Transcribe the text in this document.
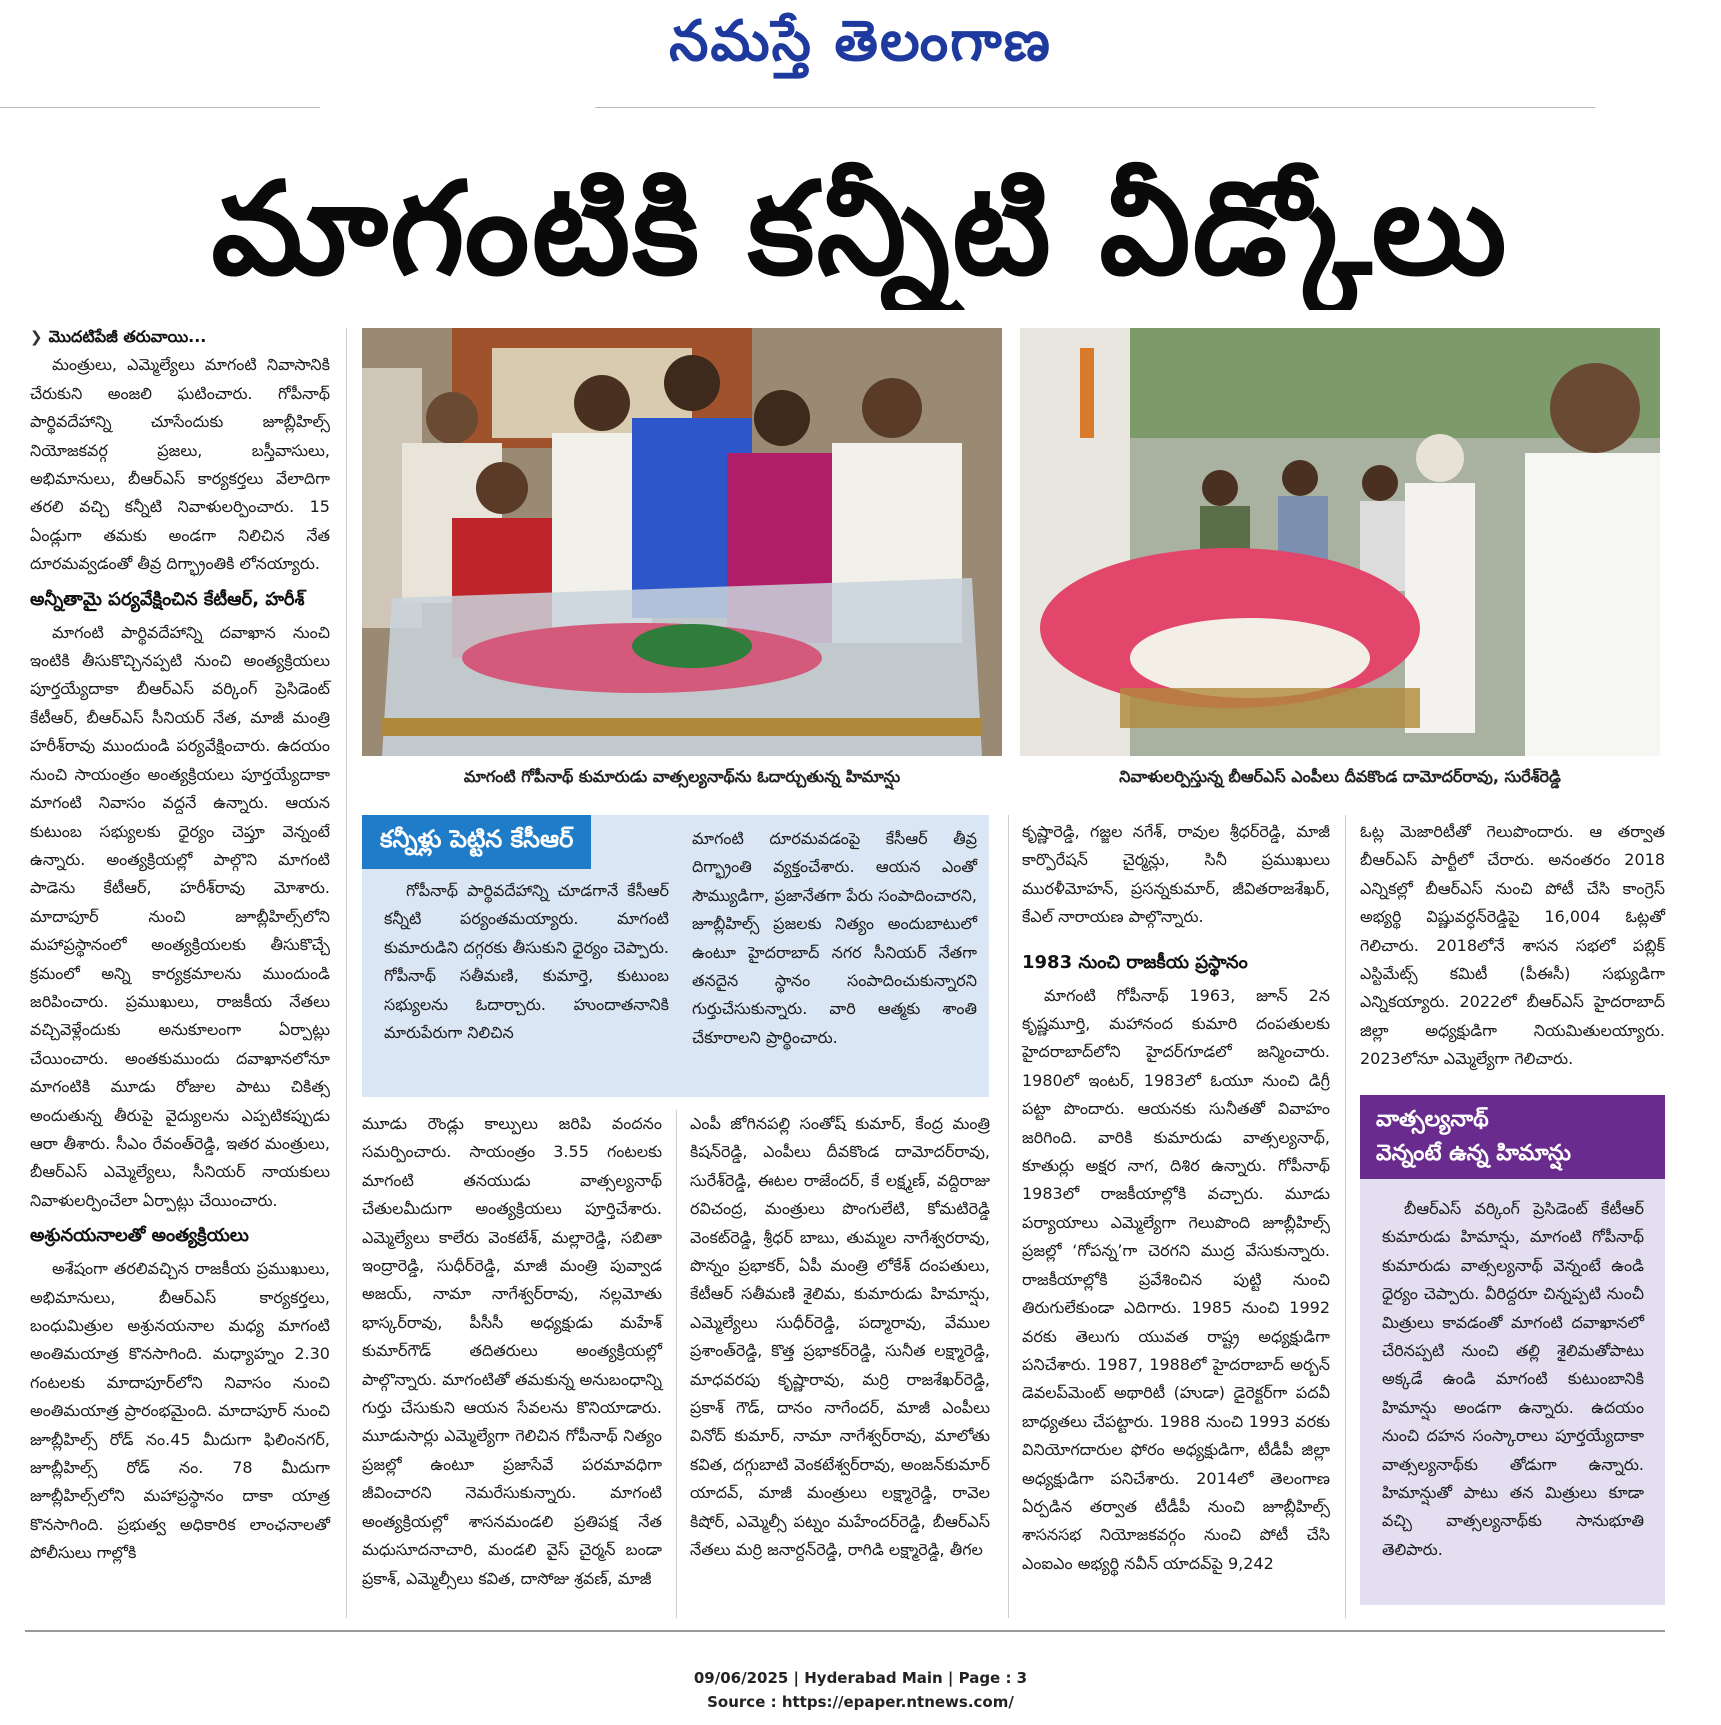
నమస్తే తెలంగాణ
మాగంటికి కన్నీటి వీడ్కోలు
❯ మొదటిపేజీ తరువాయి...

మంత్రులు, ఎమ్మెల్యేలు మాగంటి నివాసానికి చేరుకుని అంజలి ఘటించారు. గోపీనాథ్ పార్థివదేహాన్ని చూసేందుకు జూబ్లీహిల్స్ నియోజకవర్గ ప్రజలు, బస్తీవాసులు, అభిమానులు, బీఆర్ఎస్ కార్యకర్తలు వేలాదిగా తరలి వచ్చి కన్నీటి నివాళులర్పించారు. 15 ఏండ్లుగా తమకు అండగా నిలిచిన నేత దూరమవ్వడంతో తీవ్ర దిగ్భ్రాంతికి లోనయ్యారు.

అన్నీతామై పర్యవేక్షించిన కేటీఆర్, హరీశ్

మాగంటి పార్థివదేహాన్ని దవాఖాన నుంచి ఇంటికి తీసుకొచ్చినప్పటి నుంచి అంత్యక్రియలు పూర్తయ్యేదాకా బీఆర్ఎస్ వర్కింగ్ ప్రెసిడెంట్ కేటీఆర్, బీఆర్ఎస్ సీనియర్ నేత, మాజీ మంత్రి హరీశ్‌రావు ముందుండి పర్యవేక్షించారు. ఉదయం నుంచి సాయంత్రం అంత్యక్రియలు పూర్తయ్యేదాకా మాగంటి నివాసం వద్దనే ఉన్నారు. ఆయన కుటుంబ సభ్యులకు ధైర్యం చెప్తూ వెన్నంటే ఉన్నారు. అంత్యక్రియల్లో పాల్గొని మాగంటి పాడెను కేటీఆర్, హరీశ్‌రావు మోశారు. మాదాపూర్ నుంచి జూబ్లీహిల్స్‌లోని మహాప్రస్థానంలో అంత్యక్రియలకు తీసుకొచ్చే క్రమంలో అన్ని కార్యక్రమాలను ముందుండి జరిపించారు. ప్రముఖులు, రాజకీయ నేతలు వచ్చివెళ్లేందుకు అనుకూలంగా ఏర్పాట్లు చేయించారు. అంతకుముందు దవాఖానలోనూ మాగంటికి మూడు రోజుల పాటు చికిత్స అందుతున్న తీరుపై వైద్యులను ఎప్పటికప్పుడు ఆరా తీశారు. సీఎం రేవంత్‌రెడ్డి, ఇతర మంత్రులు, బీఆర్ఎస్ ఎమ్మెల్యేలు, సీనియర్ నాయకులు నివాళులర్పించేలా ఏర్పాట్లు చేయించారు.

అశ్రునయనాలతో అంత్యక్రియలు

అశేషంగా తరలివచ్చిన రాజకీయ ప్రముఖులు, అభిమానులు, బీఆర్ఎస్ కార్యకర్తలు, బంధుమిత్రుల అశ్రునయనాల మధ్య మాగంటి అంతిమయాత్ర కొనసాగింది. మధ్యాహ్నం 2.30 గంటలకు మాదాపూర్‌లోని నివాసం నుంచి అంతిమయాత్ర ప్రారంభమైంది. మాదాపూర్ నుంచి జూబ్లీహిల్స్ రోడ్ నం.45 మీదుగా ఫిలింనగర్, జూబ్లీహిల్స్ రోడ్ నం. 78 మీదుగా జూబ్లీహిల్స్‌లోని మహాప్రస్థానం దాకా యాత్ర కొనసాగింది. ప్రభుత్వ అధికారిక లాంఛనాలతో పోలీసులు గాల్లోకి

మాగంటి గోపీనాథ్ కుమారుడు వాత్సల్యనాథ్‌ను ఓదార్చుతున్న హిమాన్షు	నివాళులర్పిస్తున్న బీఆర్ఎస్ ఎంపీలు దీవకొండ దామోదర్‌రావు, సురేశ్‌రెడ్డి
కన్నీళ్లు పెట్టిన కేసీఆర్

గోపీనాథ్ పార్థివదేహాన్ని చూడగానే కేసీఆర్ కన్నీటి పర్యంతమయ్యారు. మాగంటి కుమారుడిని దగ్గరకు తీసుకుని ధైర్యం చెప్పారు. గోపీనాథ్ సతీమణి, కుమార్తె, కుటుంబ సభ్యులను ఓదార్చారు. హుందాతనానికి మారుపేరుగా నిలిచిన

మాగంటి దూరమవడంపై కేసీఆర్ తీవ్ర దిగ్భ్రాంతి వ్యక్తంచేశారు. ఆయన ఎంతో సౌమ్యుడిగా, ప్రజానేతగా పేరు సంపాదించారని, జూబ్లీహిల్స్ ప్రజలకు నిత్యం అందుబాటులో ఉంటూ హైదరాబాద్ నగర సీనియర్ నేతగా తనదైన స్థానం సంపాదించుకున్నారని గుర్తుచేసుకున్నారు. వారి ఆత్మకు శాంతి చేకూరాలని ప్రార్థించారు.

మూడు రౌండ్లు కాల్పులు జరిపి వందనం సమర్పించారు. సాయంత్రం 3.55 గంటలకు మాగంటి తనయుడు వాత్సల్యనాథ్ చేతులమీదుగా అంత్యక్రియలు పూర్తిచేశారు. ఎమ్మెల్యేలు కాలేరు వెంకటేశ్, మల్లారెడ్డి, సబితా ఇంద్రారెడ్డి, సుధీర్‌రెడ్డి, మాజీ మంత్రి పువ్వాడ అజయ్, నామా నాగేశ్వర్‌రావు, నల్లమోతు భాస్కర్‌రావు, పీసీసీ అధ్యక్షుడు మహేశ్ కుమార్‌గౌడ్ తదితరులు అంత్యక్రియల్లో పాల్గొన్నారు. మాగంటితో తమకున్న అనుబంధాన్ని గుర్తు చేసుకుని ఆయన సేవలను కొనియాడారు. మూడుసార్లు ఎమ్మెల్యేగా గెలిచిన గోపీనాథ్ నిత్యం ప్రజల్లో ఉంటూ ప్రజాసేవే పరమావధిగా జీవించారని నెమరేసుకున్నారు. మాగంటి అంత్యక్రియల్లో శాసనమండలి ప్రతిపక్ష నేత మధుసూదనాచారి, మండలి వైస్ చైర్మన్ బండా ప్రకాశ్, ఎమ్మెల్సీలు కవిత, దాసోజు శ్రవణ్, మాజీ

ఎంపీ జోగినపల్లి సంతోష్ కుమార్, కేంద్ర మంత్రి కిషన్‌రెడ్డి, ఎంపీలు దీవకొండ దామోదర్‌రావు, సురేశ్‌రెడ్డి, ఈటల రాజేందర్, కే లక్ష్మణ్, వద్దిరాజు రవిచంద్ర, మంత్రులు పొంగులేటి, కోమటిరెడ్డి వెంకట్‌రెడ్డి, శ్రీధర్ బాబు, తుమ్మల నాగేశ్వరరావు, పొన్నం ప్రభాకర్, ఏపీ మంత్రి లోకేశ్ దంపతులు, కేటీఆర్ సతీమణి శైలిమ, కుమారుడు హిమాన్షు, ఎమ్మెల్యేలు సుధీర్‌రెడ్డి, పద్మారావు, వేముల ప్రశాంత్‌రెడ్డి, కొత్త ప్రభాకర్‌రెడ్డి, సునీత లక్ష్మారెడ్డి, మాధవరపు కృష్ణారావు, మర్రి రాజశేఖర్‌రెడ్డి, ప్రకాశ్ గౌడ్, దానం నాగేందర్, మాజీ ఎంపీలు వినోద్ కుమార్, నామా నాగేశ్వర్‌రావు, మాలోతు కవిత, దగ్గుబాటి వెంకటేశ్వర్‌రావు, అంజన్‌కుమార్ యాదవ్, మాజీ మంత్రులు లక్ష్మారెడ్డి, రావెల కిషోర్, ఎమ్మెల్సీ పట్నం మహేందర్‌రెడ్డి, బీఆర్ఎస్ నేతలు మర్రి జనార్దన్‌రెడ్డి, రాగిడి లక్ష్మారెడ్డి, తీగల

కృష్ణారెడ్డి, గజ్జల నగేశ్, రావుల శ్రీధర్‌రెడ్డి, మాజీ కార్పొరేషన్ చైర్మన్లు, సినీ ప్రముఖులు మురళీమోహన్, ప్రసన్నకుమార్, జీవితరాజశేఖర్, కేఎల్ నారాయణ పాల్గొన్నారు.

1983 నుంచి రాజకీయ ప్రస్థానం

మాగంటి గోపీనాథ్ 1963, జూన్ 2న కృష్ణమూర్తి, మహానంద కుమారి దంపతులకు హైదరాబాద్‌లోని హైదర్‌గూడలో జన్మించారు. 1980లో ఇంటర్, 1983లో ఓయూ నుంచి డిగ్రీ పట్టా పొందారు. ఆయనకు సునీతతో వివాహం జరిగింది. వారికి కుమారుడు వాత్సల్యనాథ్, కూతుర్లు అక్షర నాగ, దిశిర ఉన్నారు. గోపీనాథ్ 1983లో రాజకీయాల్లోకి వచ్చారు. మూడు పర్యాయాలు ఎమ్మెల్యేగా గెలుపొంది జూబ్లీహిల్స్ ప్రజల్లో ‘గోపన్న’గా చెరగని ముద్ర వేసుకున్నారు. రాజకీయాల్లోకి ప్రవేశించిన పుట్టి నుంచి తిరుగులేకుండా ఎదిగారు. 1985 నుంచి 1992 వరకు తెలుగు యువత రాష్ట్ర అధ్యక్షుడిగా పనిచేశారు. 1987, 1988లో హైదరాబాద్ అర్బన్ డెవలప్‌మెంట్ అథారిటీ (హుడా) డైరెక్టర్‌గా పదవీ బాధ్యతలు చేపట్టారు. 1988 నుంచి 1993 వరకు వినియోగదారుల ఫోరం అధ్యక్షుడిగా, టీడీపీ జిల్లా అధ్యక్షుడిగా పనిచేశారు. 2014లో తెలంగాణ ఏర్పడిన తర్వాత టీడీపీ నుంచి జూబ్లీహిల్స్ శాసనసభ నియోజకవర్గం నుంచి పోటీ చేసి ఎంఐఎం అభ్యర్థి నవీన్ యాదవ్‌పై 9,242

ఓట్ల మెజారిటీతో గెలుపొందారు. ఆ తర్వాత బీఆర్ఎస్ పార్టీలో చేరారు. అనంతరం 2018 ఎన్నికల్లో బీఆర్ఎస్ నుంచి పోటీ చేసి కాంగ్రెస్ అభ్యర్థి విష్ణువర్ధన్‌రెడ్డిపై 16,004 ఓట్లతో గెలిచారు. 2018లోనే శాసన సభలో పబ్లిక్ ఎస్టిమేట్స్ కమిటీ (పీఈసీ) సభ్యుడిగా ఎన్నికయ్యారు. 2022లో బీఆర్ఎస్ హైదరాబాద్ జిల్లా అధ్యక్షుడిగా నియమితులయ్యారు. 2023లోనూ ఎమ్మెల్యేగా గెలిచారు.

వాత్సల్యనాథ్
వెన్నంటే ఉన్న హిమాన్షు

బీఆర్ఎస్ వర్కింగ్ ప్రెసిడెంట్ కేటీఆర్ కుమారుడు హిమాన్షు, మాగంటి గోపీనాథ్ కుమారుడు వాత్సల్యనాథ్ వెన్నంటే ఉండి ధైర్యం చెప్పారు. వీరిద్దరూ చిన్నప్పటి నుంచీ మిత్రులు కావడంతో మాగంటి దవాఖానలో చేరినప్పటి నుంచి తల్లి శైలిమతోపాటు అక్కడే ఉండి మాగంటి కుటుంబానికి హిమాన్షు అండగా ఉన్నారు. ఉదయం నుంచి దహన సంస్కారాలు పూర్తయ్యేదాకా వాత్సల్యనాథ్‌కు తోడుగా ఉన్నారు. హిమాన్షుతో పాటు తన మిత్రులు కూడా వచ్చి వాత్సల్యనాథ్‌కు సానుభూతి తెలిపారు.

09/06/2025 | Hyderabad Main | Page : 3
Source : https://epaper.ntnews.com/
